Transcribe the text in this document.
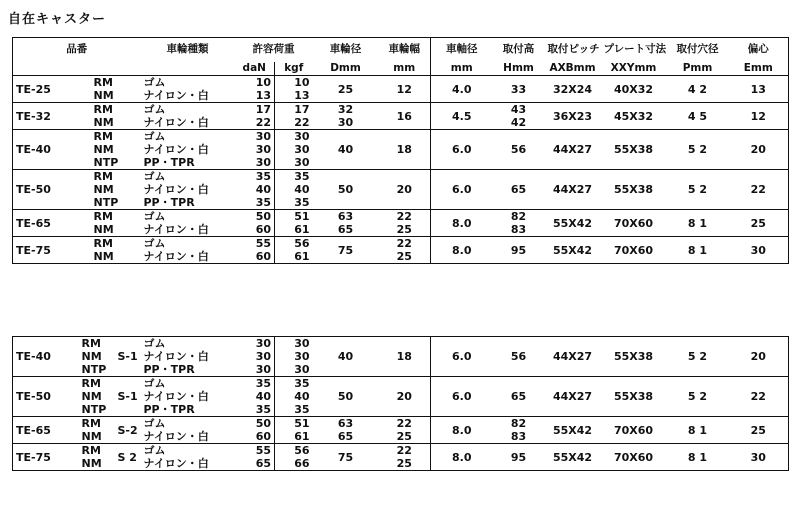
自在キャスター
品番		車輪種類	許容荷重		車輪径	車輪幅	車軸径	取付高	取付ピッチ	プレート寸法	取付穴径	偏心
			daN	kgf	Dmm	mm	mm	Hmm	AXBmm	XXYmm	Pmm	Emm
TE-25	RM	ゴム	10	10	25	12	4.0	33	32X24	40X32	4 2	13
	NM	ナイロン・白	13	13								
TE-32	RM	ゴム	17	17	32	16	4.5	43	36X23	45X32	4 5	12
	NM	ナイロン・白	22	22	30			42				
TE-40	RM	ゴム	30	30	40	18	6.0	56	44X27	55X38	5 2	20
	NM	ナイロン・白	30	30								
	NTP	PP・TPR	30	30								
TE-50	RM	ゴム	35	35	50	20	6.0	65	44X27	55X38	5 2	22
	NM	ナイロン・白	40	40								
	NTP	PP・TPR	35	35								
TE-65	RM	ゴム	50	51	63	22	8.0	82	55X42	70X60	8 1	25
	NM	ナイロン・白	60	61	65	25		83				
TE-75	RM	ゴム	55	56	75	22	8.0	95	55X42	70X60	8 1	30
	NM	ナイロン・白	60	61		25						
TE-40	RM	S-1	ゴム	30	30	40	18	6.0	56	44X27	55X38	5 2	20
	NM		ナイロン・白	30	30								
	NTP		PP・TPR	30	30								
TE-50	RM	S-1	ゴム	35	35	50	20	6.0	65	44X27	55X38	5 2	22
	NM		ナイロン・白	40	40								
	NTP		PP・TPR	35	35								
TE-65	RM	S-2	ゴム	50	51	63	22	8.0	82	55X42	70X60	8 1	25
	NM		ナイロン・白	60	61	65	25		83				
TE-75	RM	S 2	ゴム	55	56	75	22	8.0	95	55X42	70X60	8 1	30
	NM		ナイロン・白	65	66		25						
